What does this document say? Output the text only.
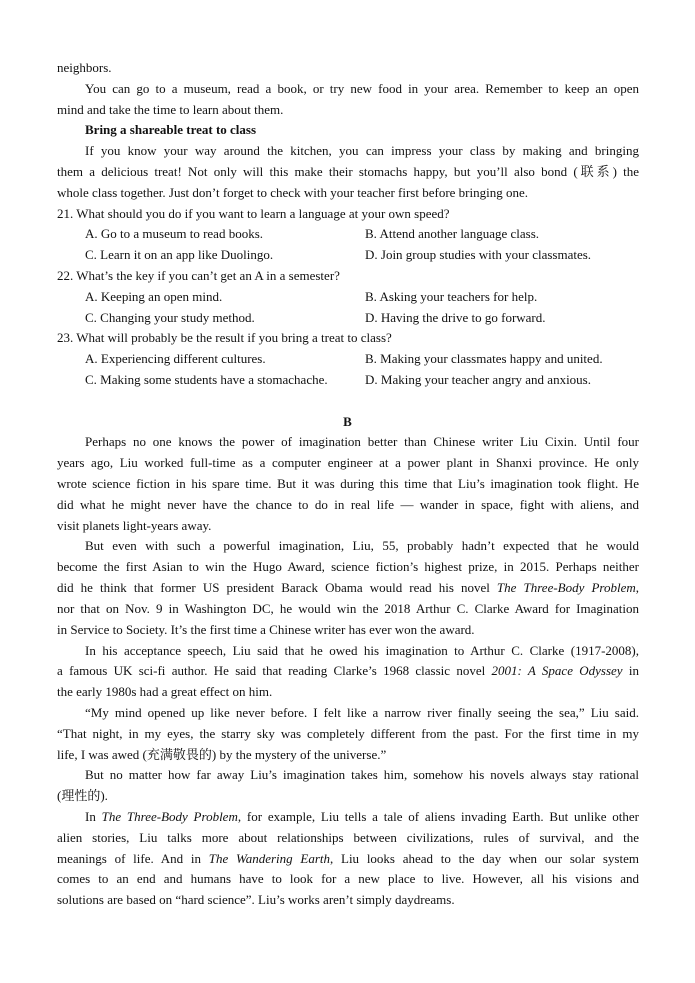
neighbors.
You can go to a museum, read a book, or try new food in your area. Remember to keep an open
mind and take the time to learn about them.
Bring a shareable treat to class
If you know your way around the kitchen, you can impress your class by making and bringing
them a delicious treat! Not only will this make their stomachs happy, but you’ll also bond (联系) the
whole class together. Just don’t forget to check with your teacher first before bringing one.
21. What should you do if you want to learn a language at your own speed?
A. Go to a museum to read books.	B. Attend another language class.
C. Learn it on an app like Duolingo.	D. Join group studies with your classmates.
22. What’s the key if you can’t get an A in a semester?
A. Keeping an open mind.	B. Asking your teachers for help.
C. Changing your study method.	D. Having the drive to go forward.
23. What will probably be the result if you bring a treat to class?
A. Experiencing different cultures.	B. Making your classmates happy and united.
C. Making some students have a stomachache.	D. Making your teacher angry and anxious.
B
Perhaps no one knows the power of imagination better than Chinese writer Liu Cixin. Until four
years ago, Liu worked full-time as a computer engineer at a power plant in Shanxi province. He only
wrote science fiction in his spare time. But it was during this time that Liu’s imagination took flight. He
did what he might never have the chance to do in real life — wander in space, fight with aliens, and
visit planets light-years away.
But even with such a powerful imagination, Liu, 55, probably hadn’t expected that he would
become the first Asian to win the Hugo Award, science fiction’s highest prize, in 2015. Perhaps neither
did he think that former US president Barack Obama would read his novel The Three-Body Problem,
nor that on Nov. 9 in Washington DC, he would win the 2018 Arthur C. Clarke Award for Imagination
in Service to Society. It’s the first time a Chinese writer has ever won the award.
In his acceptance speech, Liu said that he owed his imagination to Arthur C. Clarke (1917-2008),
a famous UK sci-fi author. He said that reading Clarke’s 1968 classic novel 2001: A Space Odyssey in
the early 1980s had a great effect on him.
“My mind opened up like never before. I felt like a narrow river finally seeing the sea,” Liu said.
“That night, in my eyes, the starry sky was completely different from the past. For the first time in my
life, I was awed (充满敬畏的) by the mystery of the universe.”
But no matter how far away Liu’s imagination takes him, somehow his novels always stay rational
(理性的).
In The Three-Body Problem, for example, Liu tells a tale of aliens invading Earth. But unlike other
alien stories, Liu talks more about relationships between civilizations, rules of survival, and the
meanings of life. And in The Wandering Earth, Liu looks ahead to the day when our solar system
comes to an end and humans have to look for a new place to live. However, all his visions and
solutions are based on “hard science”. Liu’s works aren’t simply daydreams.
